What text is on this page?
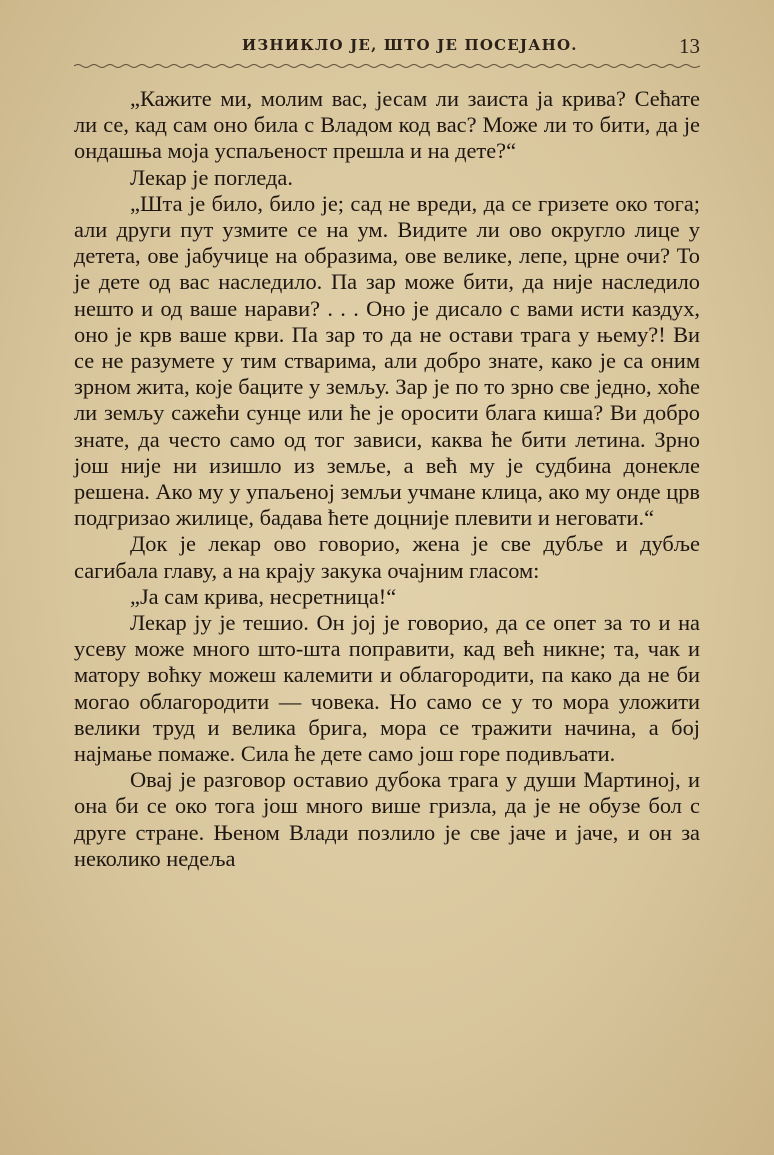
ИЗНИКЛО ЈЕ, ШТО ЈЕ ПОСЕЈАНО.	13

„Кажите ми, молим вас, јесам ли заиста ја крива? Сећате ли се, кад сам оно била с Владом код вас? Може ли то бити, да је ондашња моја успаљеност прешла и на дете?“

Лекар је погледа.

„Шта је било, било је; сад не вреди, да се гризете око тога; али други пут узмите се на ум. Видите ли ово округло лице у детета, ове јабучице на образима, ове велике, лепе, црне очи? То је дете од вас наследило. Па зар може бити, да није наследило нешто и од ваше нарави? . . . Оно је дисало с вами исти каздух, оно је крв ваше крви. Па зар то да не остави трага у њему?! Ви се не разумете у тим стварима, али добро знате, како је са оним зрном жита, које баците у земљу. Зар је по то зрно све једно, хоће ли земљу сажећи сунце или ће је оросити блага киша? Ви добро знате, да често само од тог зависи, каква ће бити летина. Зрно још није ни изишло из земље, а већ му је судбина донекле решена. Ако му у упаљеној земљи учмане клица, ако му онде црв подгризао жилице, бадава ћете доцније плевити и неговати.“

Док је лекар ово говорио, жена је све дубље и дубље сагибала главу, а на крају закука очајним гласом:

„Ја сам крива, несретница!“

Лекар ју је тешио. Он јој је говорио, да се опет за то и на усеву може много што-шта поправити, кад већ никне; та, чак и матору воћку можеш калемити и облагородити, па како да не би могао облагородити — човека. Но само се у то мора уложити велики труд и велика брига, мора се тражити начина, а бој најмање помаже. Сила ће дете само још горе подивљати.

Овај је разговор оставио дубока трага у души Мартиној, и она би се око тога још много више гризла, да је не обузе бол с друге стране. Њеном Влади позлило је све јаче и јаче, и он за неколико недеља
